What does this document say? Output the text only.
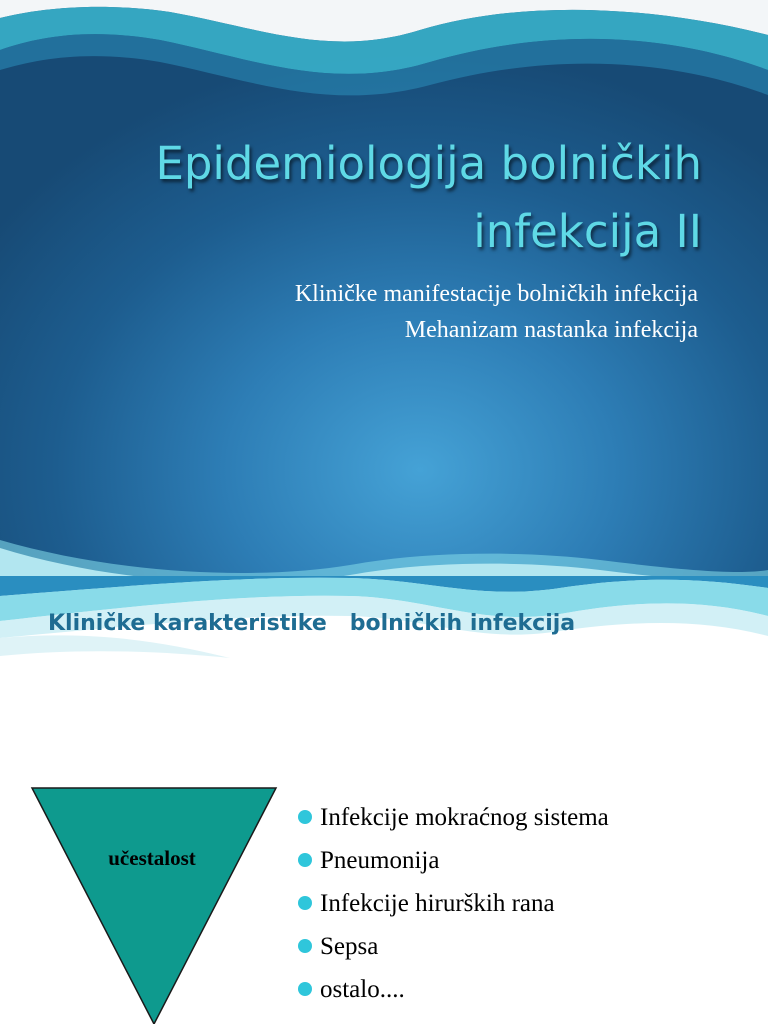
Epidemiologija bolničkih
infekcija II
Kliničke manifestacije bolničkih infekcija
Mehanizam nastanka infekcija
Kliničke karakteristike   bolničkih infekcija
učestalost
Infekcije mokraćnog sistema
Pneumonija
Infekcije hirurških rana
Sepsa
ostalo....
